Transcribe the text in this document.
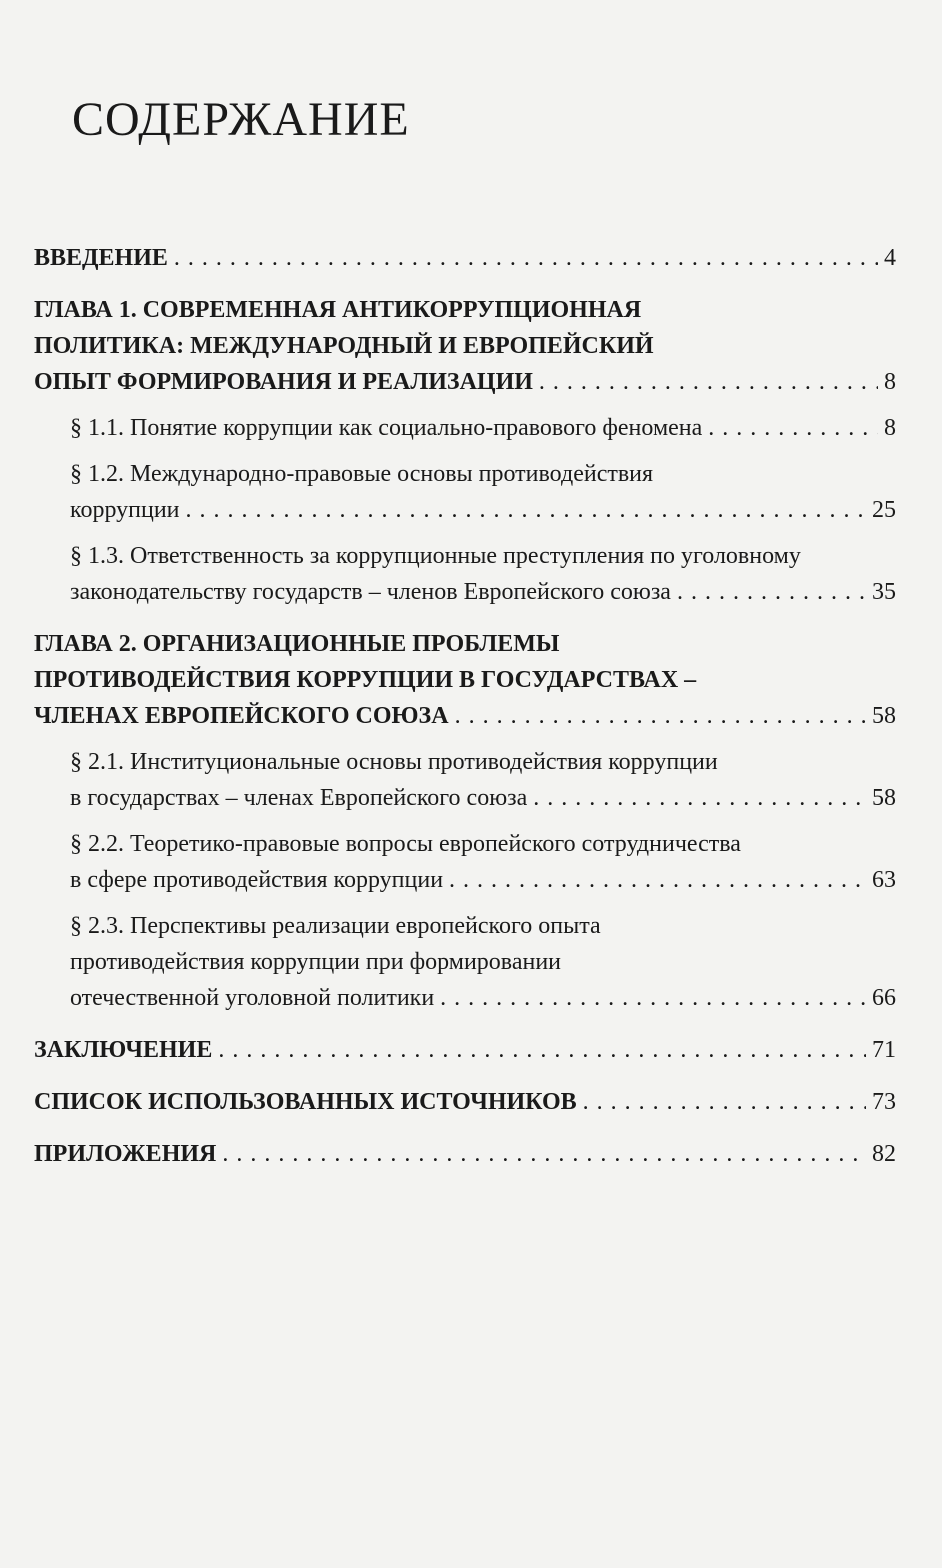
СОДЕРЖАНИЕ
ВВЕДЕНИЕ . . .	4
ГЛАВА 1. СОВРЕМЕННАЯ АНТИКОРРУПЦИОННАЯ
ПОЛИТИКА: МЕЖДУНАРОДНЫЙ И ЕВРОПЕЙСКИЙ
ОПЫТ ФОРМИРОВАНИЯ И РЕАЛИЗАЦИИ . . .	8
§ 1.1. Понятие коррупции как социально-правового феномена . . .	8
§ 1.2. Международно-правовые основы противодействия
коррупции . . .	25
§ 1.3. Ответственность за коррупционные преступления по уголовному
законодательству государств – членов Европейского союза . . .	35
ГЛАВА 2. ОРГАНИЗАЦИОННЫЕ ПРОБЛЕМЫ
ПРОТИВОДЕЙСТВИЯ КОРРУПЦИИ В ГОСУДАРСТВАХ –
ЧЛЕНАХ ЕВРОПЕЙСКОГО СОЮЗА . . .	58
§ 2.1. Институциональные основы противодействия коррупции
в государствах – членах Европейского союза . . .	58
§ 2.2. Теоретико-правовые вопросы европейского сотрудничества
в сфере противодействия коррупции . . .	63
§ 2.3. Перспективы реализации европейского опыта
противодействия коррупции при формировании
отечественной уголовной политики . . .	66
ЗАКЛЮЧЕНИЕ . . .	71
СПИСОК ИСПОЛЬЗОВАННЫХ ИСТОЧНИКОВ . . .	73
ПРИЛОЖЕНИЯ . . .	82
